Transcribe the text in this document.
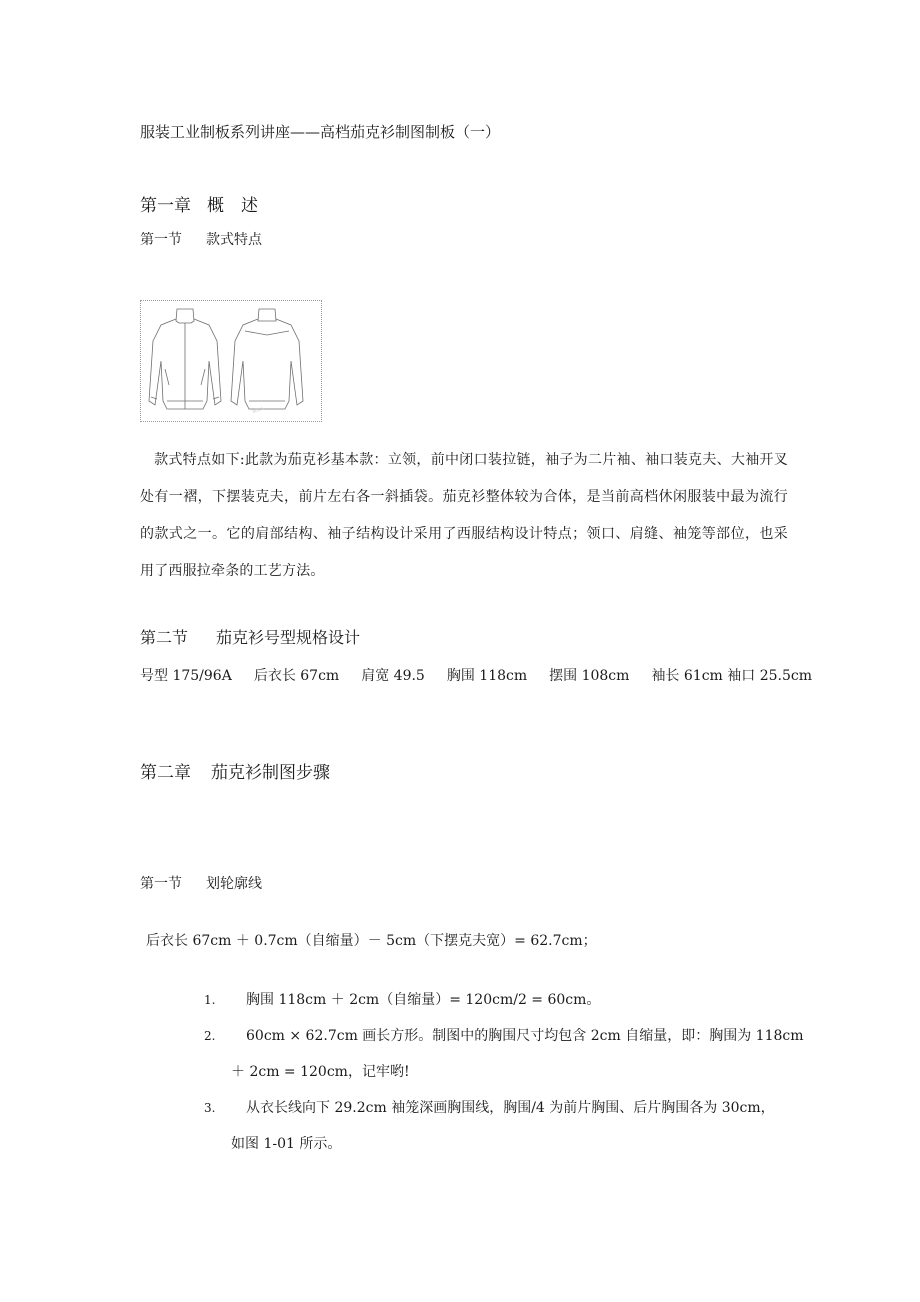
服装工业制板系列讲座——高档茄克衫制图制板（一）
第一章 概　述
第一节 款式特点
服装人
款式特点如下:此款为茄克衫基本款：立领，前中闭口装拉链，袖子为二片袖、袖口装克夫、大袖开叉处有一褶，下摆装克夫，前片左右各一斜插袋。茄克衫整体较为合体，是当前高档休闲服装中最为流行的款式之一。它的肩部结构、袖子结构设计采用了西服结构设计特点；领口、肩缝、袖笼等部位，也采用了西服拉牵条的工艺方法。
第二节 茄克衫号型规格设计
号型 175/96A 后衣长 67cm 肩宽 49.5 胸围 118cm 摆围 108cm 袖长 61cm 袖口 25.5cm
第二章 茄克衫制图步骤
第一节 划轮廓线
后衣长 67cm ＋ 0.7cm（自缩量）－ 5cm（下摆克夫宽）= 62.7cm；
1. 胸围 118cm ＋ 2cm（自缩量）= 120cm/2 = 60cm。
2. 60cm × 62.7cm 画长方形。制图中的胸围尺寸均包含 2cm 自缩量，即：胸围为 118cm
＋ 2cm = 120cm，记牢哟!
3. 从衣长线向下 29.2cm 袖笼深画胸围线，胸围/4 为前片胸围、后片胸围各为 30cm，
如图 1-01 所示。
